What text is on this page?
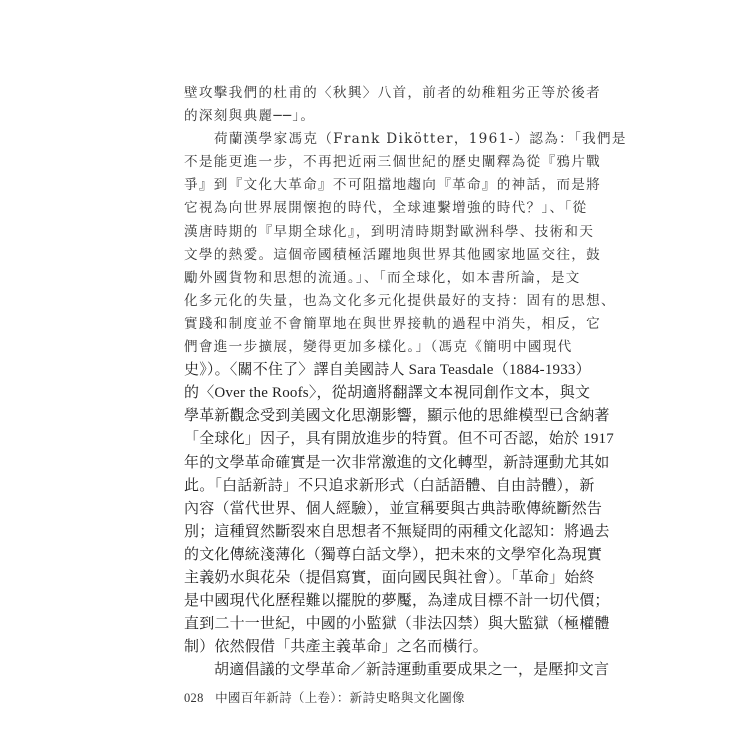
壁攻擊我們的杜甫的〈秋興〉八首，前者的幼稚粗劣正等於後者
的深刻與典麗──」。
荷蘭漢學家馮克（Frank Dikötter，1961-）認為：「我們是
不是能更進一步，不再把近兩三個世紀的歷史闡釋為從『鴉片戰
爭』到『文化大革命』不可阻擋地趨向『革命』的神話，而是將
它視為向世界展開懷抱的時代，全球連繫增強的時代？」、「從
漢唐時期的『早期全球化』，到明清時期對歐洲科學、技術和天
文學的熱愛。這個帝國積極活躍地與世界其他國家地區交往，鼓
勵外國貨物和思想的流通。」、「而全球化，如本書所論，是文
化多元化的失量，也為文化多元化提供最好的支持：固有的思想、
實踐和制度並不會簡單地在與世界接軌的過程中消失，相反，它
們會進一步擴展，變得更加多樣化。」（馮克《簡明中國現代
史》）。〈關不住了〉譯自美國詩人 Sara Teasdale（1884-1933）
的〈Over the Roofs〉，從胡適將翻譯文本視同創作文本，與文
學革新觀念受到美國文化思潮影響，顯示他的思維模型已含納著
「全球化」因子，具有開放進步的特質。但不可否認，始於 1917
年的文學革命確實是一次非常激進的文化轉型，新詩運動尤其如
此。「白話新詩」不只追求新形式（白話語體、自由詩體），新
內容（當代世界、個人經驗），並宣稱要與古典詩歌傳統斷然告
別；這種貿然斷裂來自思想者不無疑問的兩種文化認知：將過去
的文化傳統淺薄化（獨尊白話文學），把未來的文學窄化為現實
主義奶水與花朵（提倡寫實，面向國民與社會）。「革命」始終
是中國現代化歷程難以擺脫的夢魘，為達成目標不計一切代價；
直到二十一世紀，中國的小監獄（非法囚禁）與大監獄（極權體
制）依然假借「共產主義革命」之名而橫行。
胡適倡議的文學革命／新詩運動重要成果之一，是壓抑文言
028 中國百年新詩（上卷）：新詩史略與文化圖像
